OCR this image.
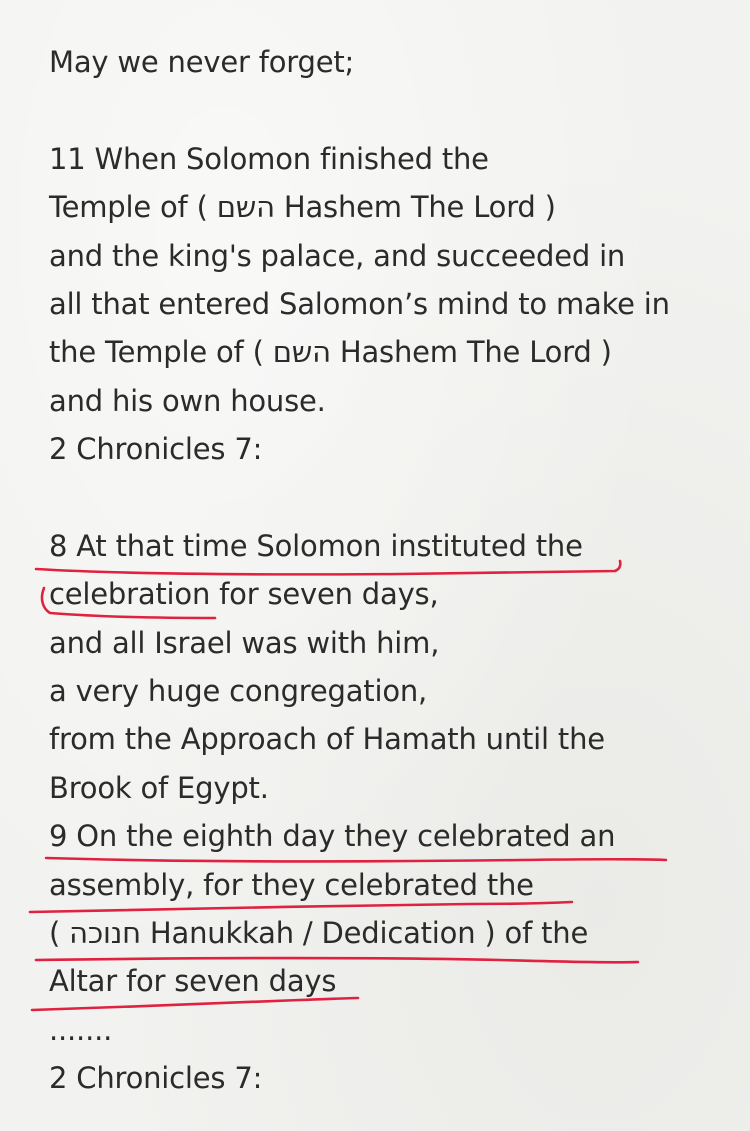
May we never forget;
11 When Solomon finished the
Temple of ( השם Hashem The Lord )
and the king's palace, and succeeded in
all that entered Salomon’s mind to make in
the Temple of ( השם Hashem The Lord )
and his own house.
2 Chronicles 7:
8 At that time Solomon instituted the
celebration for seven days,
and all Israel was with him,
a very huge congregation,
from the Approach of Hamath until the
Brook of Egypt.
9 On the eighth day they celebrated an
assembly, for they celebrated the
( חנוכה Hanukkah / Dedication ) of the
Altar for seven days
.......
2 Chronicles 7:
